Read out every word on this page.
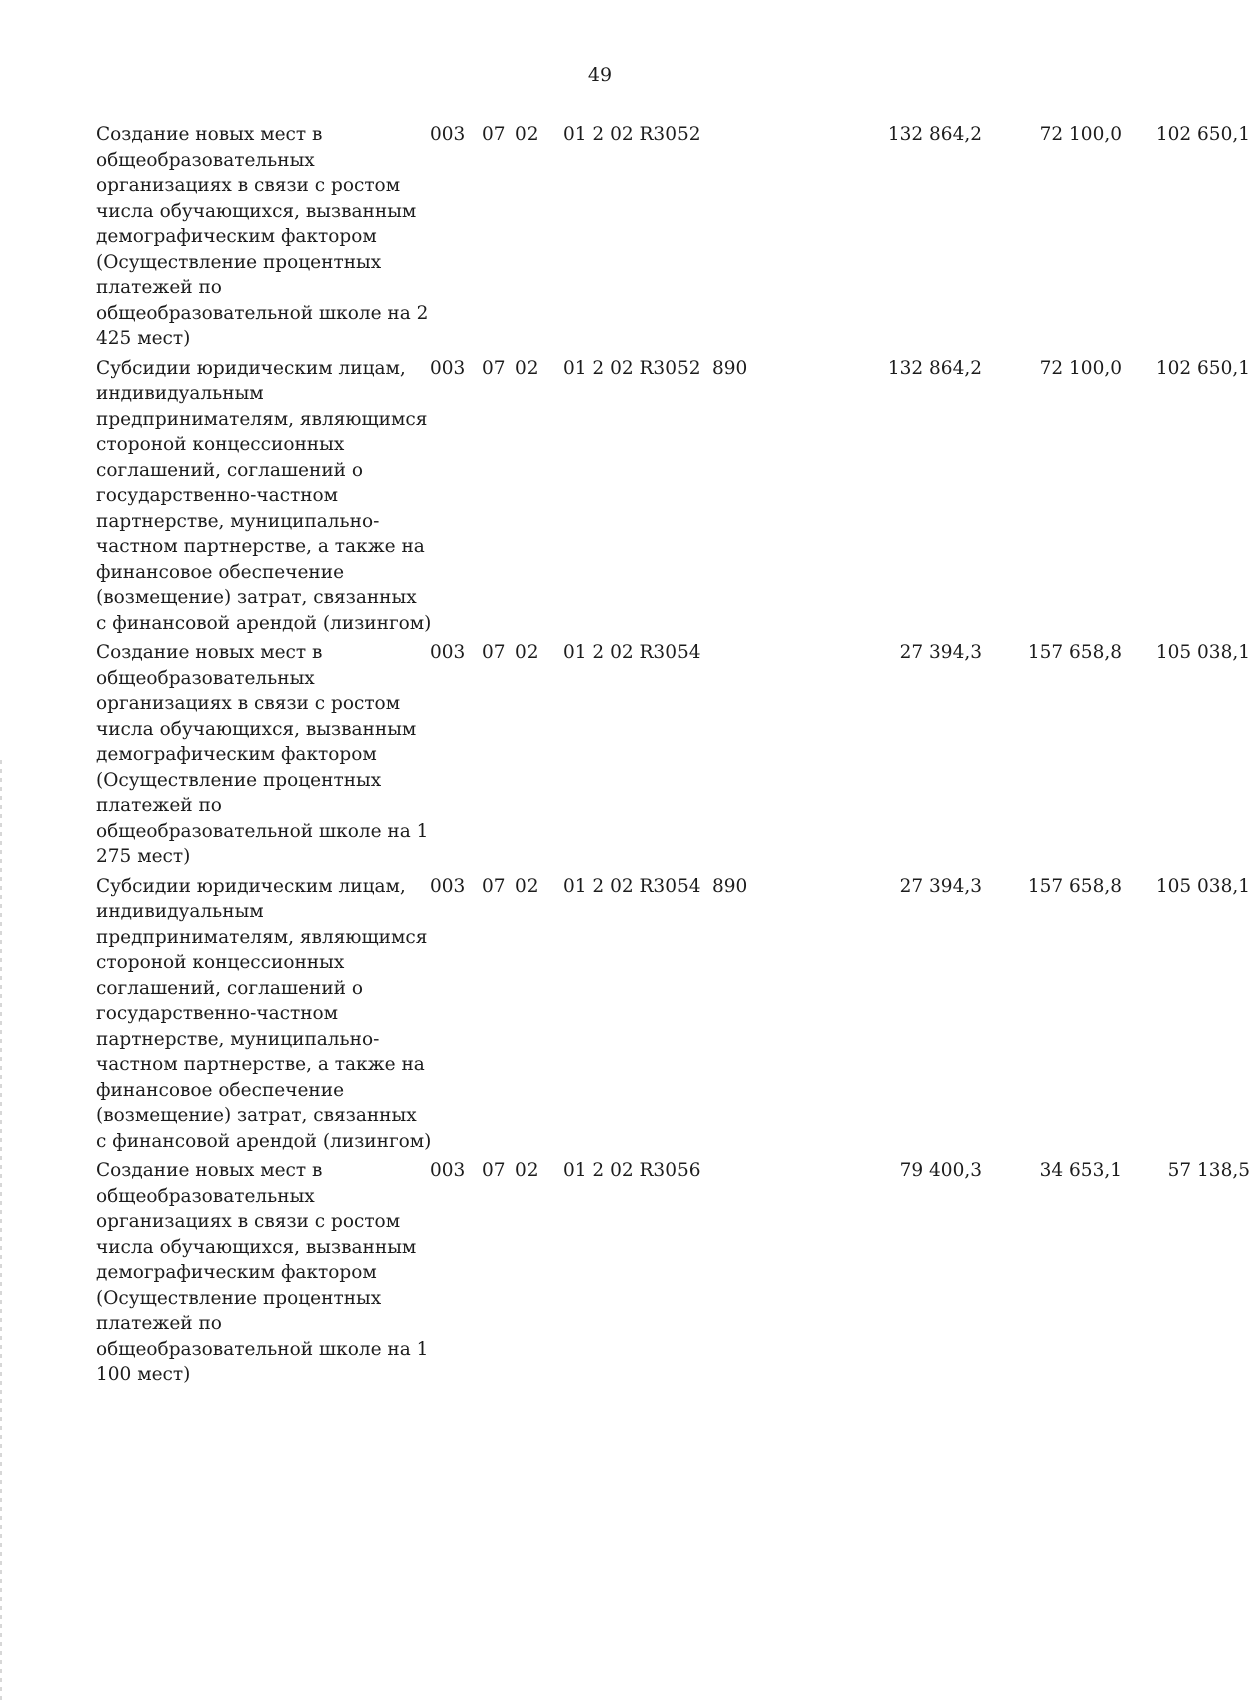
49
Создание новых мест в общеобразовательных организациях в связи с ростом числа обучающихся, вызванным демографическим фактором (Осуществление процентных платежей по общеобразовательной школе на 2 425 мест)
003 07 02 01 2 02 R3052	132 864,2	72 100,0	102 650,1
Субсидии юридическим лицам, индивидуальным предпринимателям, являющимся стороной концессионных соглашений, соглашений о государственно-частном партнерстве, муниципально-частном партнерстве, а также на финансовое обеспечение (возмещение) затрат, связанных с финансовой арендой (лизингом)
003 07 02 01 2 02 R3052 890	132 864,2	72 100,0	102 650,1
Создание новых мест в общеобразовательных организациях в связи с ростом числа обучающихся, вызванным демографическим фактором (Осуществление процентных платежей по общеобразовательной школе на 1 275 мест)
003 07 02 01 2 02 R3054	27 394,3	157 658,8	105 038,1
Субсидии юридическим лицам, индивидуальным предпринимателям, являющимся стороной концессионных соглашений, соглашений о государственно-частном партнерстве, муниципально-частном партнерстве, а также на финансовое обеспечение (возмещение) затрат, связанных с финансовой арендой (лизингом)
003 07 02 01 2 02 R3054 890	27 394,3	157 658,8	105 038,1
Создание новых мест в общеобразовательных организациях в связи с ростом числа обучающихся, вызванным демографическим фактором (Осуществление процентных платежей по общеобразовательной школе на 1 100 мест)
003 07 02 01 2 02 R3056	79 400,3	34 653,1	57 138,5
